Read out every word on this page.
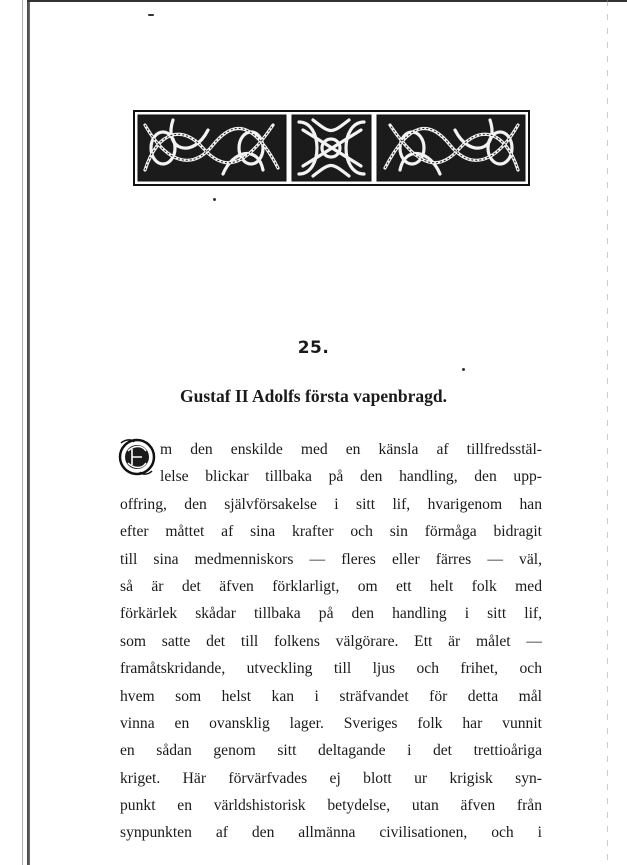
25.
Gustaf II Adolfs första vapenbragd.
m den enskilde med en känsla af tillfredsstäl-
lelse blickar tillbaka på den handling, den upp-
offring, den självförsakelse i sitt lif, hvarigenom han
efter måttet af sina krafter och sin förmåga bidragit
till sina medmenniskors — fleres eller färres — väl,
så är det äfven förklarligt, om ett helt folk med
förkärlek skådar tillbaka på den handling i sitt lif,
som satte det till folkens välgörare. Ett är målet —
framåtskridande, utveckling till ljus och frihet, och
hvem som helst kan i sträfvandet för detta mål
vinna en ovansklig lager. Sveriges folk har vunnit
en sådan genom sitt deltagande i det trettioåriga
kriget. Här förvärfvades ej blott ur krigisk syn-
punkt en världshistorisk betydelse, utan äfven från
synpunkten af den allmänna civilisationen, och i
